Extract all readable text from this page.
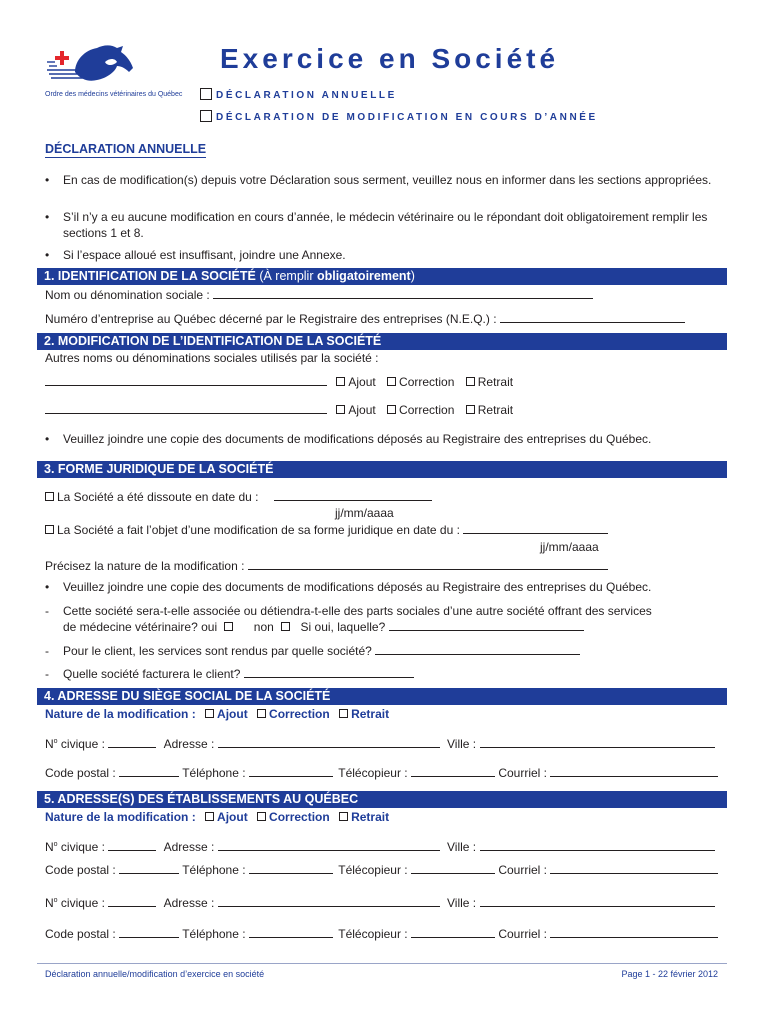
Ordre des médecins vétérinaires du Québec
Exercice en Société
DÉCLARATION ANNUELLE
DÉCLARATION DE MODIFICATION EN COURS D’ANNÉE
DÉCLARATION ANNUELLE
•	En cas de modification(s) depuis votre Déclaration sous serment, veuillez nous en informer dans les sections appropriées.
•	S’il n’y a eu aucune modification en cours d’année, le médecin vétérinaire ou le répondant doit obligatoirement remplir les sections 1 et 8.
•	Si l’espace alloué est insuffisant, joindre une Annexe.
1. IDENTIFICATION DE LA SOCIÉTÉ (À remplir obligatoirement)
Nom ou dénomination sociale :
Numéro d’entreprise au Québec décerné par le Registraire des entreprises (N.E.Q.) :
2. MODIFICATION DE L’IDENTIFICATION DE LA SOCIÉTÉ
Autres noms ou dénominations sociales utilisés par la société :
Ajout Correction Retrait
Ajout Correction Retrait
•	Veuillez joindre une copie des documents de modifications déposés au Registraire des entreprises du Québec.
3. FORME JURIDIQUE DE LA SOCIÉTÉ
La Société a été dissoute en date du :
jj/mm/aaaa
La Société a fait l’objet d’une modification de sa forme juridique en date du :
jj/mm/aaaa
Précisez la nature de la modification :
•	Veuillez joindre une copie des documents de modifications déposés au Registraire des entreprises du Québec.
-	Cette société sera-t-elle associée ou détiendra-t-elle des parts sociales d’une autre société offrant des services
de médecine vétérinaire? oui	non Si oui, laquelle?
-	Pour le client, les services sont rendus par quelle société?
-	Quelle société facturera le client?
4. ADRESSE DU SIÈGE SOCIAL DE LA SOCIÉTÉ
Nature de la modification : Ajout Correction Retrait
$N^o$ civique :	Adresse :	Ville :
Code postal :	Téléphone :	Télécopieur :	Courriel :
5. ADRESSE(S) DES ÉTABLISSEMENTS AU QUÉBEC
Nature de la modification : Ajout Correction Retrait
$N^o$ civique :	Adresse :	Ville :
Code postal :	Téléphone :	Télécopieur :	Courriel :
$N^o$ civique :	Adresse :	Ville :
Code postal :	Téléphone :	Télécopieur :	Courriel :
Déclaration annuelle/modification d’exercice en société	Page 1 - 22 février 2012
